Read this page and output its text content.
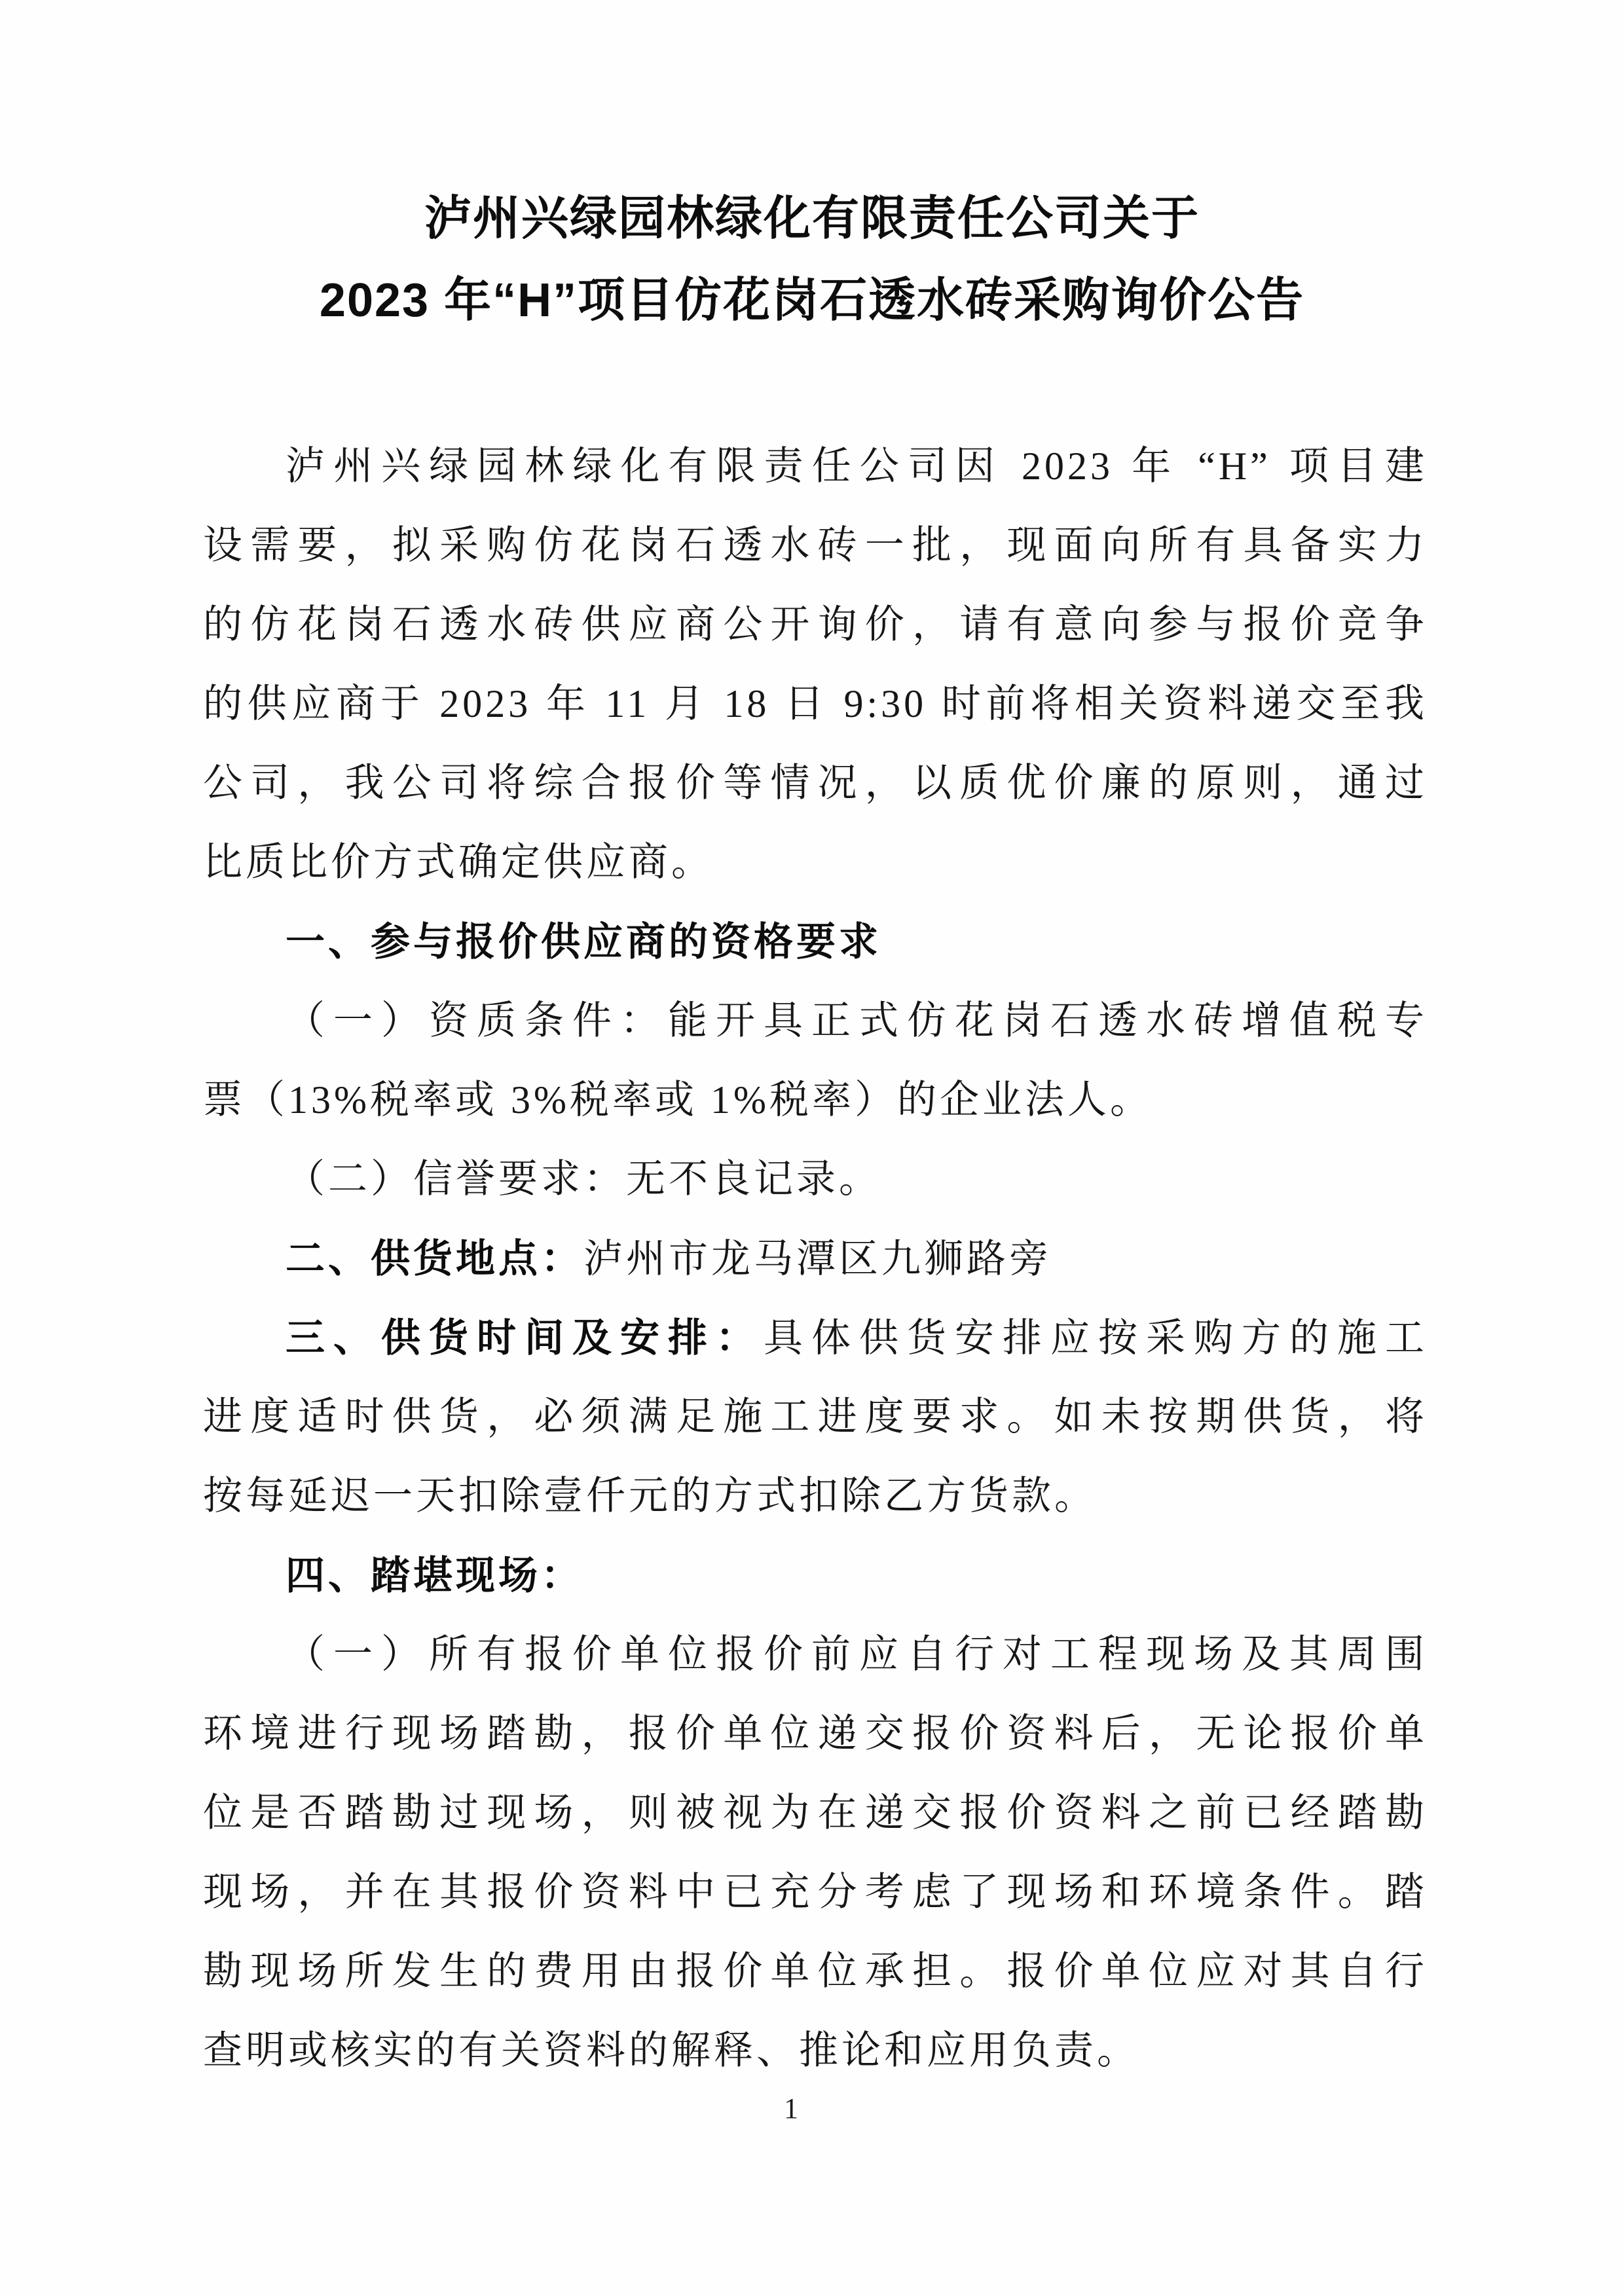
泸州兴绿园林绿化有限责任公司关于
2023 年“H”项目仿花岗石透水砖采购询价公告
泸州兴绿园林绿化有限责任公司因 2023 年 “H” 项目建
设需要，拟采购仿花岗石透水砖一批，现面向所有具备实力
的仿花岗石透水砖供应商公开询价，请有意向参与报价竞争
的供应商于 2023 年 11 月 18 日 9:30 时前将相关资料递交至我
公司，我公司将综合报价等情况，以质优价廉的原则，通过
比质比价方式确定供应商。
一、参与报价供应商的资格要求
（一）资质条件：能开具正式仿花岗石透水砖增值税专
票（13%税率或 3%税率或 1%税率）的企业法人。
（二）信誉要求：无不良记录。
二、供货地点：泸州市龙马潭区九狮路旁
三、供货时间及安排：具体供货安排应按采购方的施工
进度适时供货，必须满足施工进度要求。如未按期供货，将
按每延迟一天扣除壹仟元的方式扣除乙方货款。
四、踏堪现场：
（一）所有报价单位报价前应自行对工程现场及其周围
环境进行现场踏勘，报价单位递交报价资料后，无论报价单
位是否踏勘过现场，则被视为在递交报价资料之前已经踏勘
现场，并在其报价资料中已充分考虑了现场和环境条件。踏
勘现场所发生的费用由报价单位承担。报价单位应对其自行
查明或核实的有关资料的解释、推论和应用负责。
1
